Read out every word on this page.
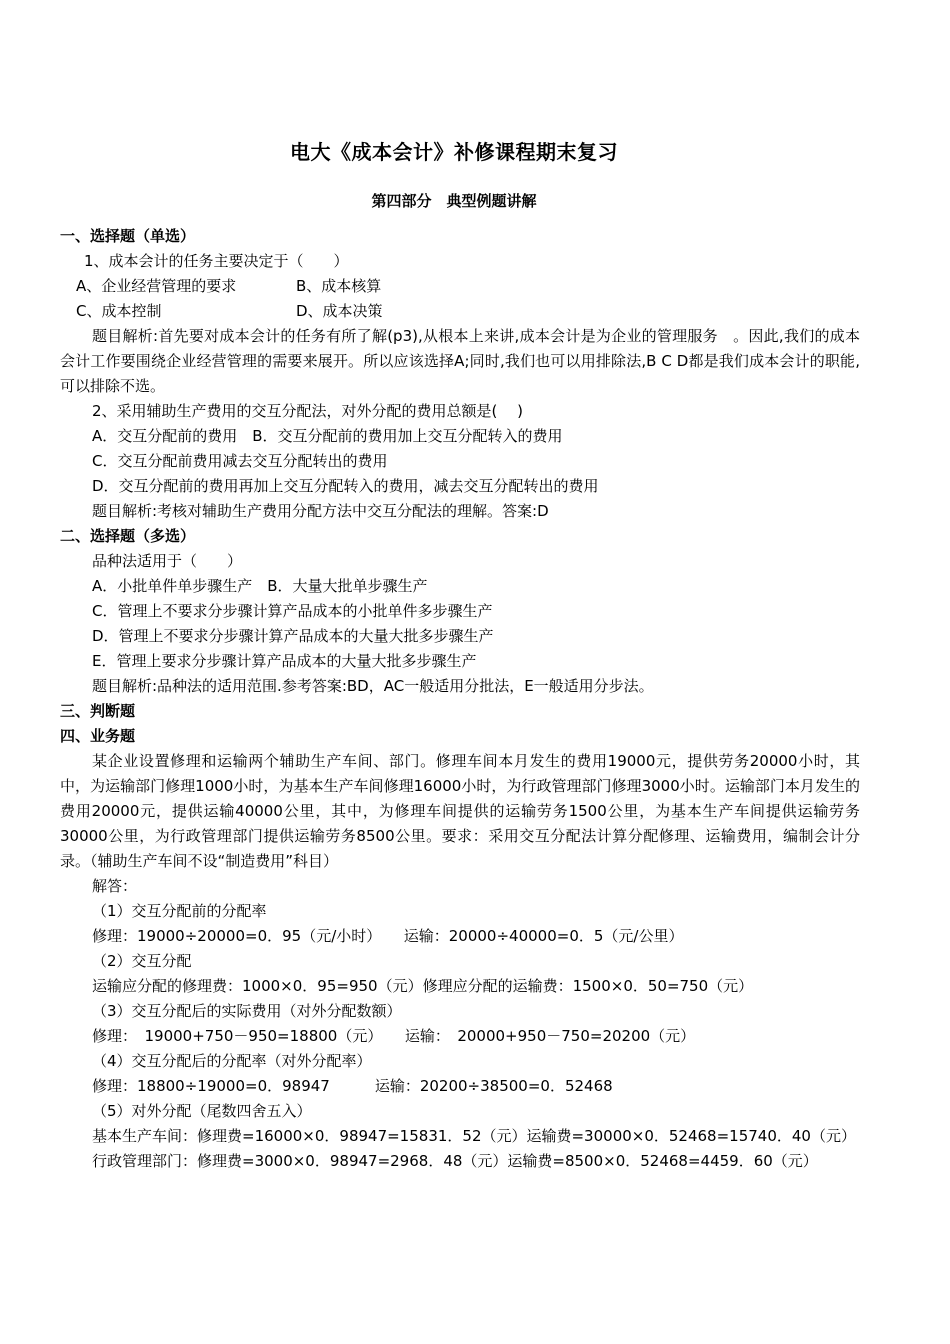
电大《成本会计》补修课程期末复习
第四部分　典型例题讲解
一、选择题（单选）
1、成本会计的任务主要决定于（　　）
A、企业经营管理的要求	B、成本核算
C、成本控制	D、成本决策
题目解析:首先要对成本会计的任务有所了解(p3),从根本上来讲,成本会计是为企业的管理服务　。因此,我们的成本会计工作要围绕企业经营管理的需要来展开。所以应该选择A;同时,我们也可以用排除法,B C D都是我们成本会计的职能,可以排除不选。
2、采用辅助生产费用的交互分配法，对外分配的费用总额是(　 )
A．交互分配前的费用　B．交互分配前的费用加上交互分配转入的费用
C．交互分配前费用减去交互分配转出的费用
D．交互分配前的费用再加上交互分配转入的费用，减去交互分配转出的费用
题目解析:考核对辅助生产费用分配方法中交互分配法的理解。答案:D
二、选择题（多选）
品种法适用于（　　）
A．小批单件单步骤生产　B．大量大批单步骤生产
C．管理上不要求分步骤计算产品成本的小批单件多步骤生产
D．管理上不要求分步骤计算产品成本的大量大批多步骤生产
E．管理上要求分步骤计算产品成本的大量大批多步骤生产
题目解析:品种法的适用范围.参考答案:BD，AC一般适用分批法，E一般适用分步法。
三、判断题
四、业务题
某企业设置修理和运输两个辅助生产车间、部门。修理车间本月发生的费用19000元，提供劳务20000小时，其中，为运输部门修理1000小时，为基本生产车间修理16000小时，为行政管理部门修理3000小时。运输部门本月发生的费用20000元，提供运输40000公里，其中，为修理车间提供的运输劳务1500公里，为基本生产车间提供运输劳务30000公里，为行政管理部门提供运输劳务8500公里。要求：采用交互分配法计算分配修理、运输费用，编制会计分录。（辅助生产车间不设“制造费用”科目）
解答：
（1）交互分配前的分配率
修理：19000÷20000=0．95（元/小时）　　运输：20000÷40000=0．5（元/公里）
（2）交互分配
运输应分配的修理费：1000×0．95=950（元）修理应分配的运输费：1500×0．50=750（元）
（3）交互分配后的实际费用（对外分配数额）
修理：　19000+750－950=18800（元）　　运输：　20000+950－750=20200（元）
（4）交互分配后的分配率（对外分配率）
修理：18800÷19000=0．98947　　　运输：20200÷38500=0．52468
（5）对外分配（尾数四舍五入）
基本生产车间：修理费=16000×0．98947=15831．52（元）运输费=30000×0．52468=15740．40（元）
行政管理部门：修理费=3000×0．98947=2968．48（元）运输费=8500×0．52468=4459．60（元）
